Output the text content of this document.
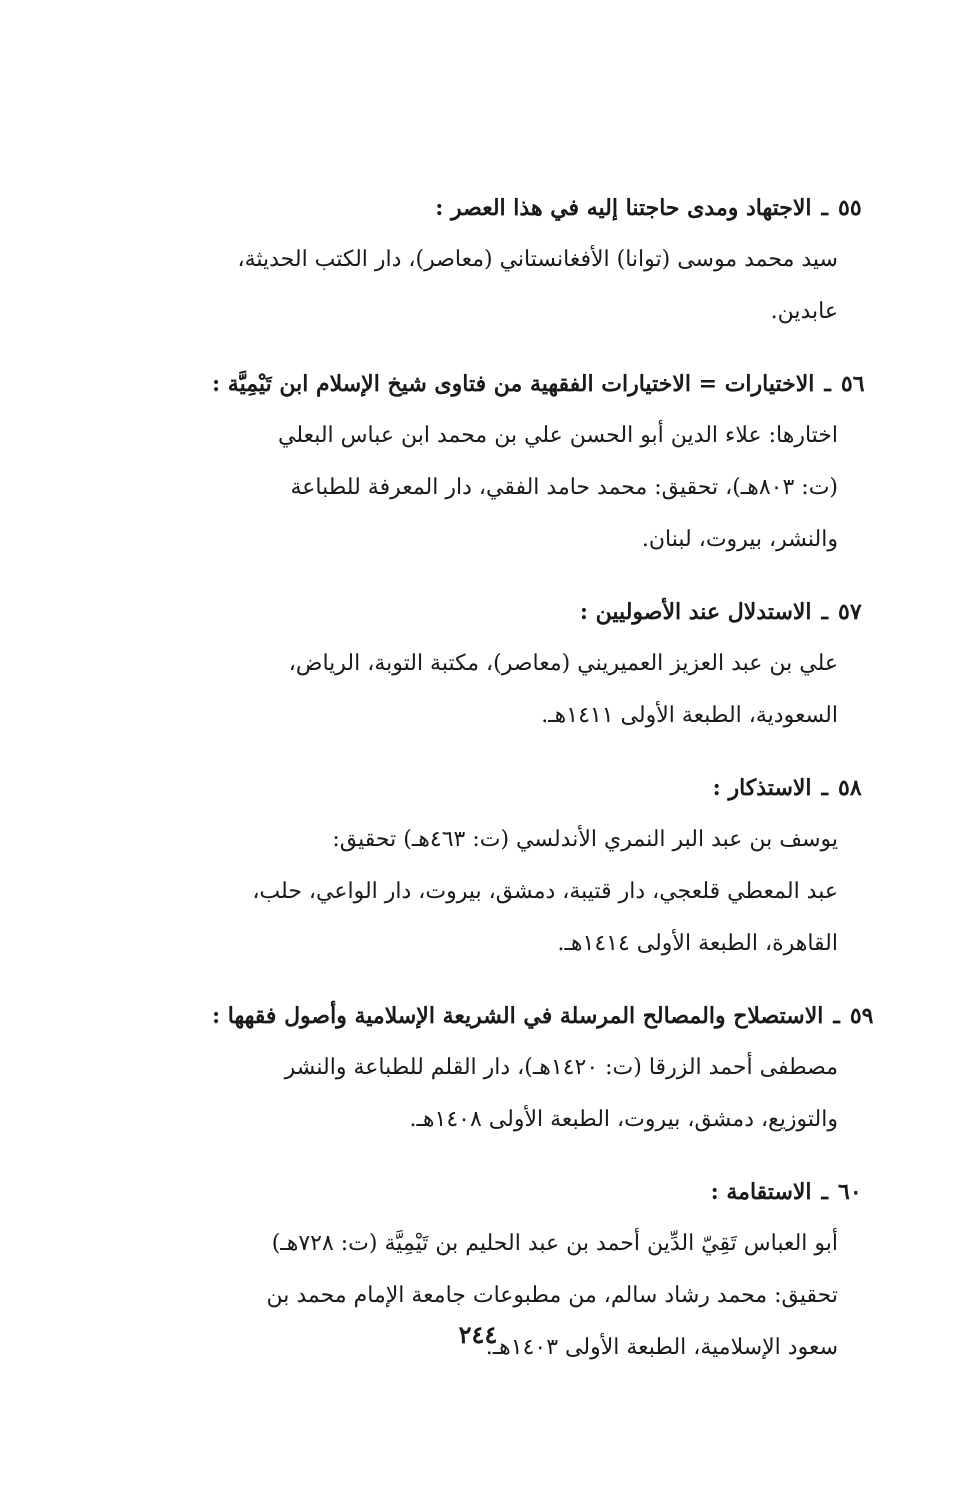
٥٥
ـ
الاجتهاد ومدى حاجتنا إليه في هذا العصر :
سيد محمد موسى (توانا) الأفغانستاني (معاصر)، دار الكتب الحديثة،
عابدين.
٥٦
ـ
الاختيارات = الاختيارات الفقهية من فتاوى شيخ الإسلام ابن تَيْمِيَّة :
اختارها: علاء الدين أبو الحسن علي بن محمد ابن عباس البعلي
(ت: ٨٠٣هـ)، تحقيق: محمد حامد الفقي، دار المعرفة للطباعة
والنشر، بيروت، لبنان.
٥٧
ـ
الاستدلال عند الأصوليين :
علي بن عبد العزيز العميريني (معاصر)، مكتبة التوبة، الرياض،
السعودية، الطبعة الأولى ١٤١١هـ.
٥٨
ـ
الاستذكار :
يوسف بن عبد البر النمري الأندلسي (ت: ٤٦٣هـ) تحقيق:
عبد المعطي قلعجي، دار قتيبة، دمشق، بيروت، دار الواعي، حلب،
القاهرة، الطبعة الأولى ١٤١٤هـ.
٥٩
ـ
الاستصلاح والمصالح المرسلة في الشريعة الإسلامية وأصول فقهها :
مصطفى أحمد الزرقا (ت: ١٤٢٠هـ)، دار القلم للطباعة والنشر
والتوزيع، دمشق، بيروت، الطبعة الأولى ١٤٠٨هـ.
٦٠
ـ
الاستقامة :
أبو العباس تَقِيّ الدِّين أحمد بن عبد الحليم بن تَيْمِيَّة (ت: ٧٢٨هـ)
تحقيق: محمد رشاد سالم، من مطبوعات جامعة الإمام محمد بن
سعود الإسلامية، الطبعة الأولى ١٤٠٣هـ.
٢٤٤
